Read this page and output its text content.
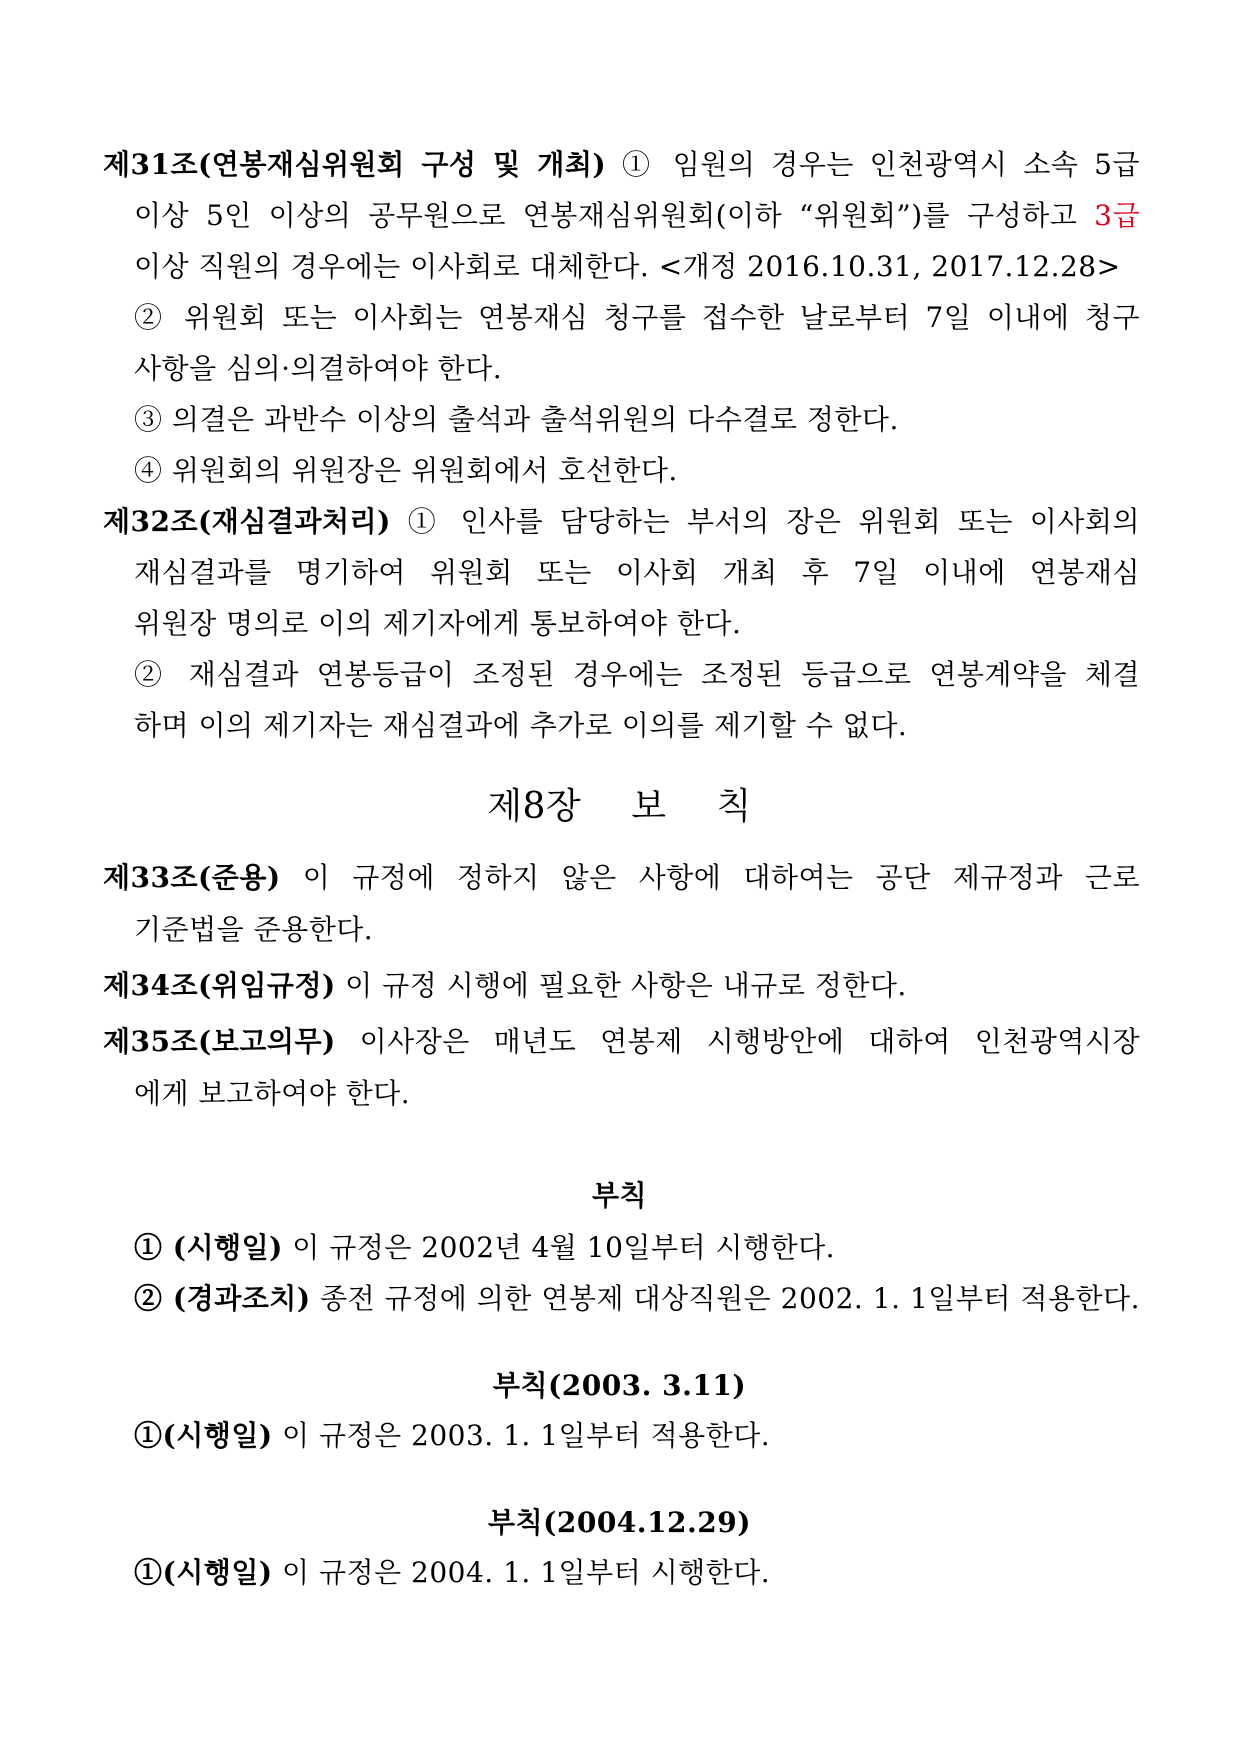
제31조(연봉재심위원회 구성 및 개최) ① 임원의 경우는 인천광역시 소속 5급
이상 5인 이상의 공무원으로 연봉재심위원회(이하 “위원회”)를 구성하고 3급
이상 직원의 경우에는 이사회로 대체한다. <개정 2016.10.31, 2017.12.28>
② 위원회 또는 이사회는 연봉재심 청구를 접수한 날로부터 7일 이내에 청구
사항을 심의·의결하여야 한다.
③ 의결은 과반수 이상의 출석과 출석위원의 다수결로 정한다.
④ 위원회의 위원장은 위원회에서 호선한다.
제32조(재심결과처리) ① 인사를 담당하는 부서의 장은 위원회 또는 이사회의
재심결과를 명기하여 위원회 또는 이사회 개최 후 7일 이내에 연봉재심
위원장 명의로 이의 제기자에게 통보하여야 한다.
② 재심결과 연봉등급이 조정된 경우에는 조정된 등급으로 연봉계약을 체결
하며 이의 제기자는 재심결과에 추가로 이의를 제기할 수 없다.
제8장 보 칙
제33조(준용) 이 규정에 정하지 않은 사항에 대하여는 공단 제규정과 근로
기준법을 준용한다.
제34조(위임규정) 이 규정 시행에 필요한 사항은 내규로 정한다.
제35조(보고의무) 이사장은 매년도 연봉제 시행방안에 대하여 인천광역시장
에게 보고하여야 한다.
부칙
① (시행일) 이 규정은 2002년 4월 10일부터 시행한다.
② (경과조치) 종전 규정에 의한 연봉제 대상직원은 2002. 1. 1일부터 적용한다.
부칙(2003. 3.11)
①(시행일) 이 규정은 2003. 1. 1일부터 적용한다.
부칙(2004.12.29)
①(시행일) 이 규정은 2004. 1. 1일부터 시행한다.
